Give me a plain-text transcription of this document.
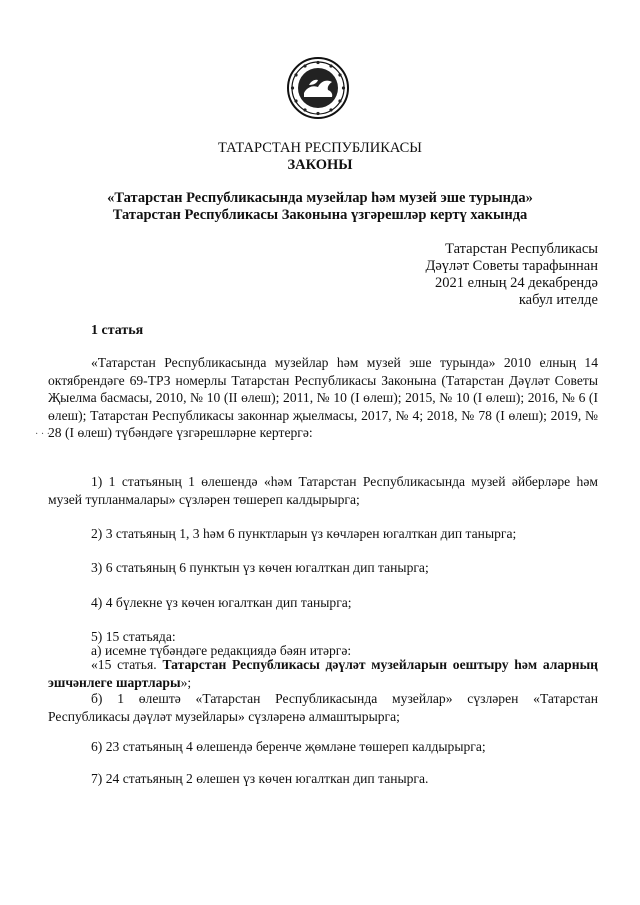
ТАТАРСТАН РЕСПУБЛИКАСЫ

ЗАКОНЫ

«Татарстан Республикасында музейлар һәм музей эше турында»
Татарстан Республикасы Законына үзгәрешләр кертү хакында
Татарстан Республикасы
Дәүләт Советы тарафыннан
2021 елның 24 декабрендә
кабул ителде

1 статья

· · ·

«Татарстан Республикасында музейлар һәм музей эше турында» 2010 елның 14 октябрендәге 69-ТРЗ номерлы Татарстан Республикасы Законына (Татарстан Дәүләт Советы Җыелма басмасы, 2010, № 10 (II өлеш); 2011, № 10 (I өлеш); 2015, № 10 (I өлеш); 2016, № 6 (I өлеш); Татарстан Республикасы законнар җыелмасы, 2017, № 4; 2018, № 78 (I өлеш); 2019, № 28 (I өлеш) түбәндәге үзгәрешләрне кертергә:

1) 1 статьяның 1 өлешендә «һәм Татарстан Республикасында музей әйберләре һәм музей тупланмалары» сүзләрен төшереп калдырырга;

2) 3 статьяның 1, 3 һәм 6 пунктларын үз көчләрен югалткан дип танырга;

3) 6 статьяның 6 пунктын үз көчен югалткан дип танырга;

4) 4 бүлекне үз көчен югалткан дип танырга;

5) 15 статьяда:

а) исемне түбәндәге редакциядә бәян итәргә:

«15 статья. Татарстан Республикасы дәүләт музейларын оештыру һәм аларның эшчәнлеге шартлары»;

б) 1 өлештә «Татарстан Республикасында музейлар» сүзләрен «Татарстан Республикасы дәүләт музейлары» сүзләренә алмаштырырга;

6) 23 статьяның 4 өлешендә беренче җөмләне төшереп калдырырга;

7) 24 статьяның 2 өлешен үз көчен югалткан дип танырга.
